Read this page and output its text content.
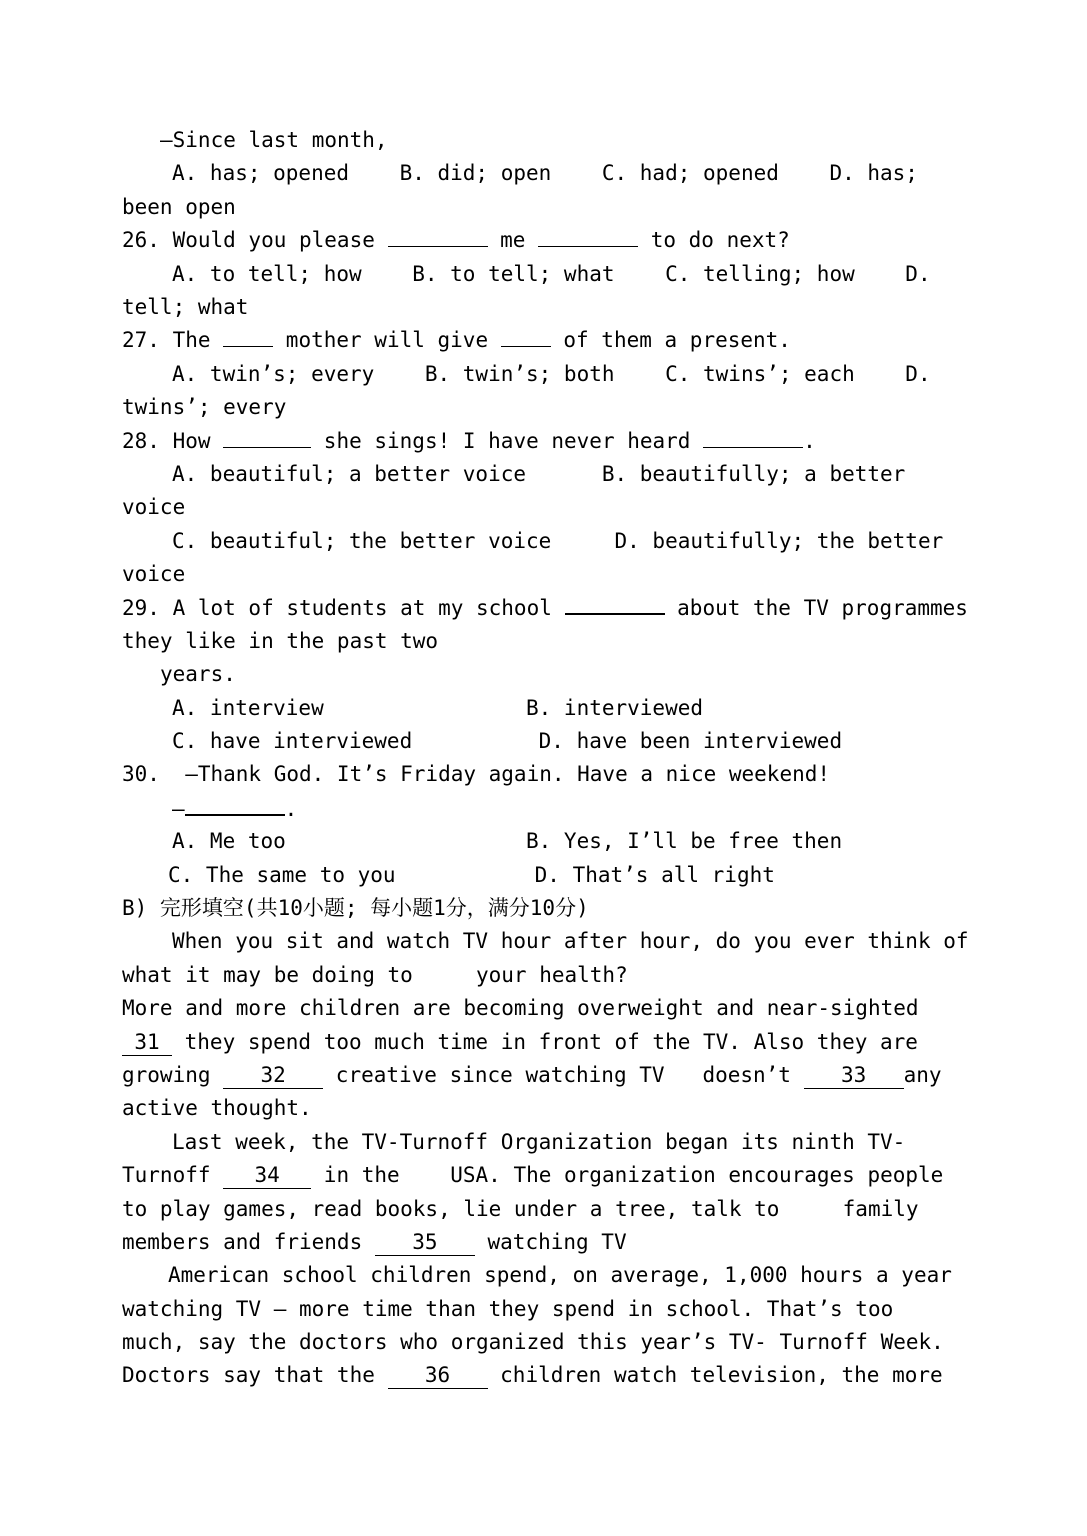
—Since last month,
A. has; opened    B. did; open    C. had; opened    D. has;
been open
26. Would you please	me	to do next?
A. to tell; how    B. to tell; what    C. telling; how    D.
tell; what
27. The  mother will give  of them a present.
A. twin’s; every    B. twin’s; both    C. twins’; each    D.
twins’; every
28. How	she sings! I have never heard	.
A. beautiful; a better voice      B. beautifully; a better
voice
C. beautiful; the better voice     D. beautifully; the better
voice
29. A lot of students at my school	about the TV programmes
they like in the past two
years.
A. interview                B. interviewed
C. have interviewed          D. have been interviewed
30.  —Thank God. It’s Friday again. Have a nice weekend!
—	.
A. Me too                   B. Yes, I’ll be free then
C. The same to you           D. That’s all right
B) 完形填空(共10小题; 每小题1分，满分10分)
When you sit and watch TV hour after hour, do you ever think of
what it may be doing to     your health?
More and more children are becoming overweight and near-sighted
31 they spend too much time in front of the TV. Also they are
growing 32 creative since watching TV   doesn’t 33 any
active thought.
Last week, the TV-Turnoff Organization began its ninth TV-
Turnoff 34 in the    USA. The organization encourages people
to play games, read books, lie under a tree, talk to     family
members and friends 35 watching TV
American school children spend, on average, 1,000 hours a year
watching TV — more time than they spend in school. That’s too
much, say the doctors who organized this year’s TV- Turnoff Week.
Doctors say that the 36 children watch television, the more
